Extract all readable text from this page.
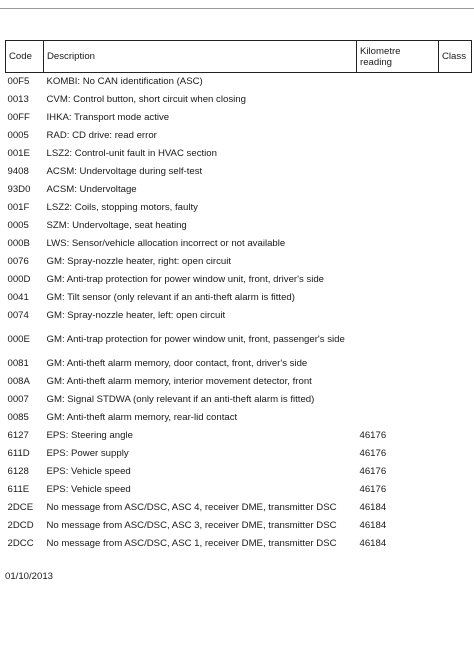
Code	Description	Kilometre reading	Class
00F5	KOMBI: No CAN identification (ASC)		
0013	CVM: Control button, short circuit when closing		
00FF	IHKA: Transport mode active		
0005	RAD: CD drive: read error		
001E	LSZ2: Control-unit fault in HVAC section		
9408	ACSM: Undervoltage during self-test		
93D0	ACSM: Undervoltage		
001F	LSZ2: Coils, stopping motors, faulty		
0005	SZM: Undervoltage, seat heating		
000B	LWS: Sensor/vehicle allocation incorrect or not available		
0076	GM: Spray-nozzle heater, right: open circuit		
000D	GM: Anti-trap protection for power window unit, front, driver's side		
0041	GM: Tilt sensor (only relevant if an anti-theft alarm is fitted)		
0074	GM: Spray-nozzle heater, left: open circuit		
000E	GM: Anti-trap protection for power window unit, front, passenger's side		
0081	GM: Anti-theft alarm memory, door contact, front, driver's side		
008A	GM: Anti-theft alarm memory, interior movement detector, front		
0007	GM: Signal STDWA (only relevant if an anti-theft alarm is fitted)		
0085	GM: Anti-theft alarm memory, rear-lid contact		
6127	EPS: Steering angle	46176	
611D	EPS: Power supply	46176	
6128	EPS: Vehicle speed	46176	
611E	EPS: Vehicle speed	46176	
2DCE	No message from ASC/DSC, ASC 4, receiver DME, transmitter DSC	46184	
2DCD	No message from ASC/DSC, ASC 3, receiver DME, transmitter DSC	46184	
2DCC	No message from ASC/DSC, ASC 1, receiver DME, transmitter DSC	46184	
01/10/2013
